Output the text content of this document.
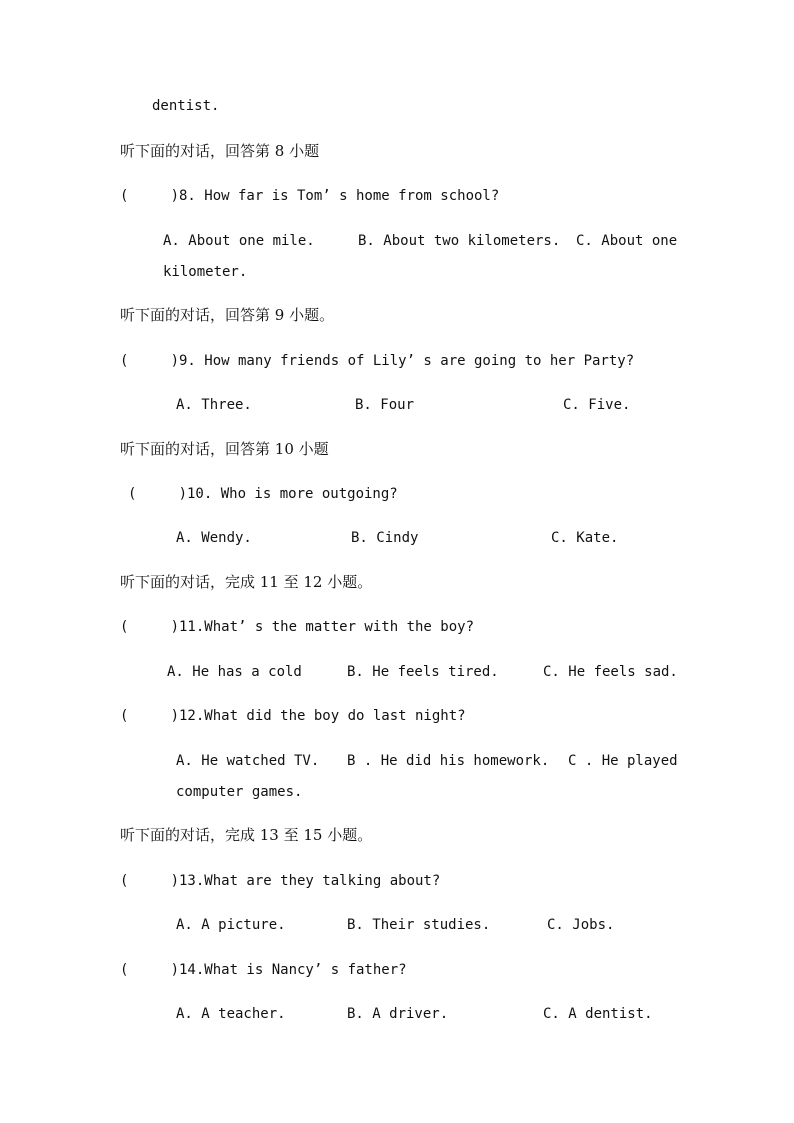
dentist.
听下面的对话，回答第 8 小题
(     )8. How far is Tom’ s home from school?
A. About one mile.	B. About two kilometers. C. About one
kilometer.
听下面的对话，回答第 9 小题。
(     )9. How many friends of Lily’ s are going to her Party?
A. Three.	B. Four	C. Five.
听下面的对话，回答第 10 小题
(     )10. Who is more outgoing?
A. Wendy.	B. Cindy	C. Kate.
听下面的对话，完成 11 至 12 小题。
(     )11.What’ s the matter with the boy?
A. He has a cold	B. He feels tired.	C. He feels sad.
(     )12.What did the boy do last night?
A. He watched TV. B . He did his homework. C . He played
computer games.
听下面的对话，完成 13 至 15 小题。
(     )13.What are they talking about?
A. A picture.	B. Their studies.	C. Jobs.
(     )14.What is Nancy’ s father?
A. A teacher.	B. A driver.	C. A dentist.
